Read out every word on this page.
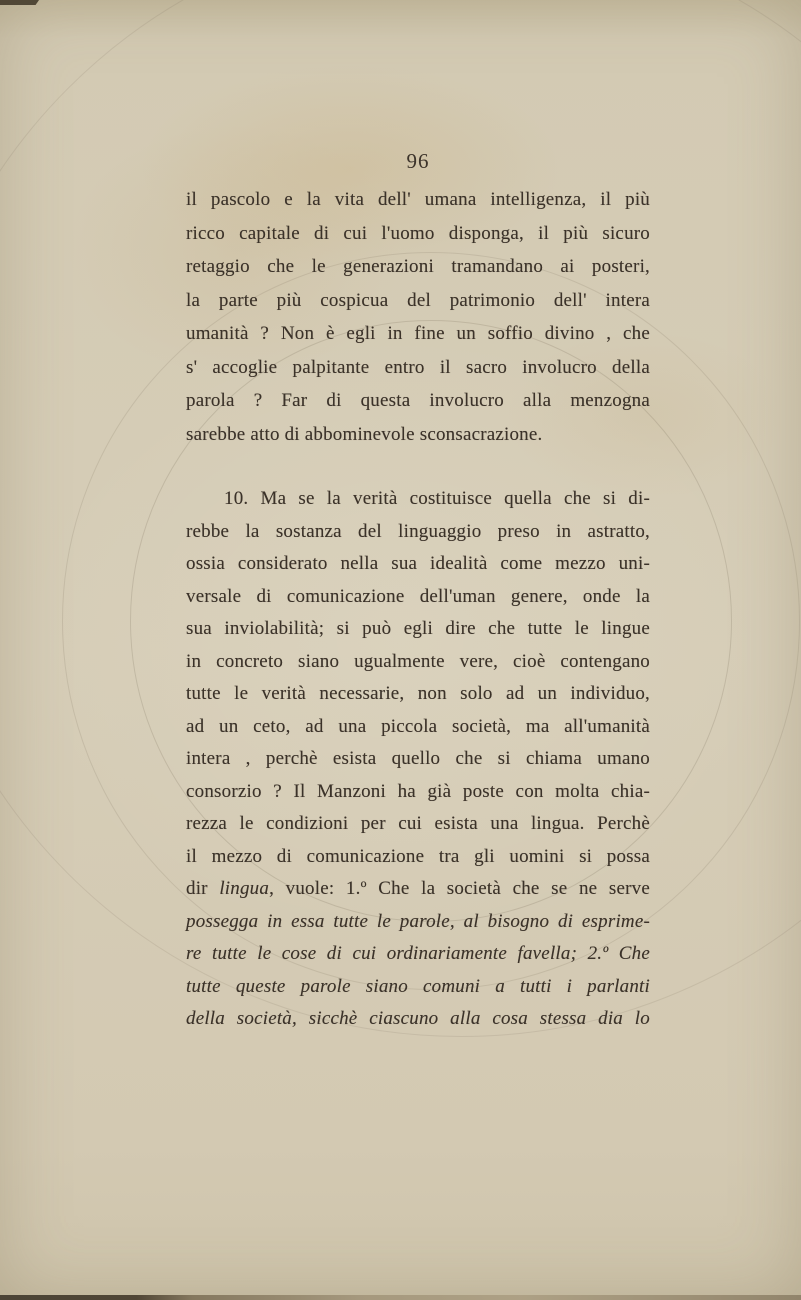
96
il pascolo e la vita dell' umana intelligenza, il più
ricco capitale di cui l'uomo disponga, il più sicuro
retaggio che le generazioni tramandano ai posteri,
la parte più cospicua del patrimonio dell' intera
umanità ? Non è egli in fine un soffio divino , che
s' accoglie palpitante entro il sacro involucro della
parola ? Far di questa involucro alla menzogna
sarebbe atto di abbominevole sconsacrazione.
10. Ma se la verità costituisce quella che si di-
rebbe la sostanza del linguaggio preso in astratto,
ossia considerato nella sua idealità come mezzo uni-
versale di comunicazione dell'uman genere, onde la
sua inviolabilità; si può egli dire che tutte le lingue
in concreto siano ugualmente vere, cioè contengano
tutte le verità necessarie, non solo ad un individuo,
ad un ceto, ad una piccola società, ma all'umanità
intera , perchè esista quello che si chiama umano
consorzio ? Il Manzoni ha già poste con molta chia-
rezza le condizioni per cui esista una lingua. Perchè
il mezzo di comunicazione tra gli uomini si possa
dir lingua, vuole: 1.º Che la società che se ne serve
possegga in essa tutte le parole, al bisogno di esprime-
re tutte le cose di cui ordinariamente favella; 2.º Che
tutte queste parole siano comuni a tutti i parlanti
della società, sicchè ciascuno alla cosa stessa dia lo
